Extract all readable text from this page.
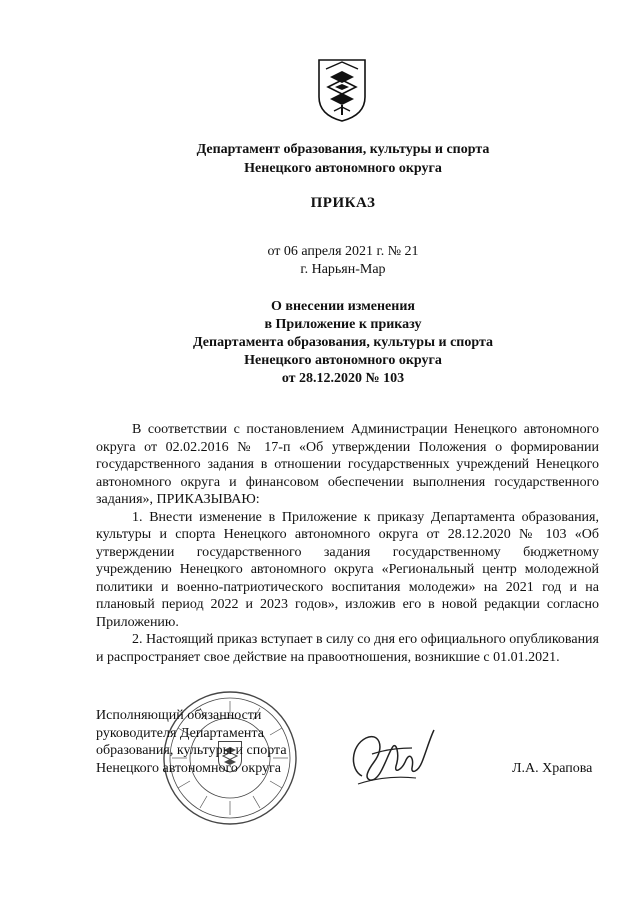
Департамент образования, культуры и спорта
Ненецкого автономного округа
ПРИКАЗ
от 06 апреля 2021 г. № 21
г. Нарьян-Мар
О внесении изменения
в Приложение к приказу
Департамента образования, культуры и спорта
Ненецкого автономного округа
от 28.12.2020 № 103

В соответствии с постановлением Администрации Ненецкого автономного округа от 02.02.2016 № 17-п «Об утверждении Положения о формировании государственного задания в отношении государственных учреждений Ненецкого автономного округа и финансовом обеспечении выполнения государственного задания», ПРИКАЗЫВАЮ:

1. Внести изменение в Приложение к приказу Департамента образования, культуры и спорта Ненецкого автономного округа от 28.12.2020 № 103 «Об утверждении государственного задания государственному бюджетному учреждению Ненецкого автономного округа «Региональный центр молодежной политики и военно-патриотического воспитания молодежи» на 2021 год и на плановый период 2022 и 2023 годов», изложив его в новой редакции согласно Приложению.

2. Настоящий приказ вступает в силу со дня его официального опубликования и распространяет свое действие на правоотношения, возникшие с 01.01.2021.

Исполняющий обязанности
руководителя Департамента
образования, культуры и спорта
Ненецкого автономного округа	Л.А. Храпова
